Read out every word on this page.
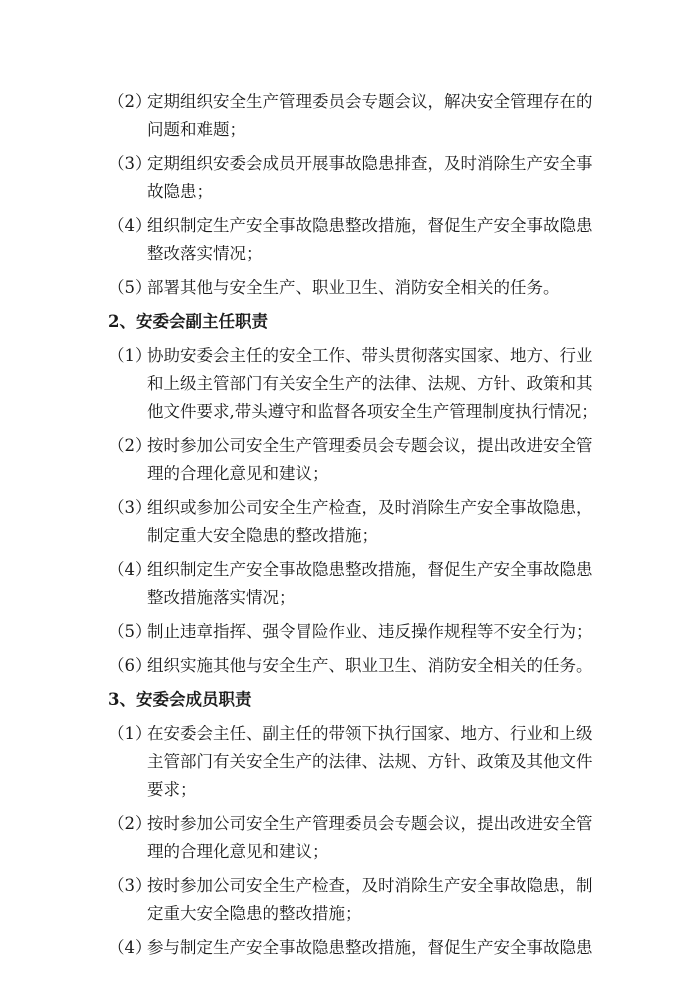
（2）
定期组织安全生产管理委员会专题会议，解决安全管理存在的问题和难题；
（3）
定期组织安委会成员开展事故隐患排查，及时消除生产安全事故隐患；
（4）
组织制定生产安全事故隐患整改措施，督促生产安全事故隐患整改落实情况；
（5）
部署其他与安全生产、职业卫生、消防安全相关的任务。
2、安委会副主任职责
（1）
协助安委会主任的安全工作、带头贯彻落实国家、地方、行业和上级主管部门有关安全生产的法律、法规、方针、政策和其他文件要求,带头遵守和监督各项安全生产管理制度执行情况；
（2）
按时参加公司安全生产管理委员会专题会议，提出改进安全管理的合理化意见和建议；
（3）
组织或参加公司安全生产检查，及时消除生产安全事故隐患，制定重大安全隐患的整改措施；
（4）
组织制定生产安全事故隐患整改措施，督促生产安全事故隐患整改措施落实情况；
（5）
制止违章指挥、强令冒险作业、违反操作规程等不安全行为；
（6）
组织实施其他与安全生产、职业卫生、消防安全相关的任务。
3、安委会成员职责
（1）
在安委会主任、副主任的带领下执行国家、地方、行业和上级主管部门有关安全生产的法律、法规、方针、政策及其他文件要求；
（2）
按时参加公司安全生产管理委员会专题会议，提出改进安全管理的合理化意见和建议；
（3）
按时参加公司安全生产检查，及时消除生产安全事故隐患，制定重大安全隐患的整改措施；
（4）
参与制定生产安全事故隐患整改措施，督促生产安全事故隐患
